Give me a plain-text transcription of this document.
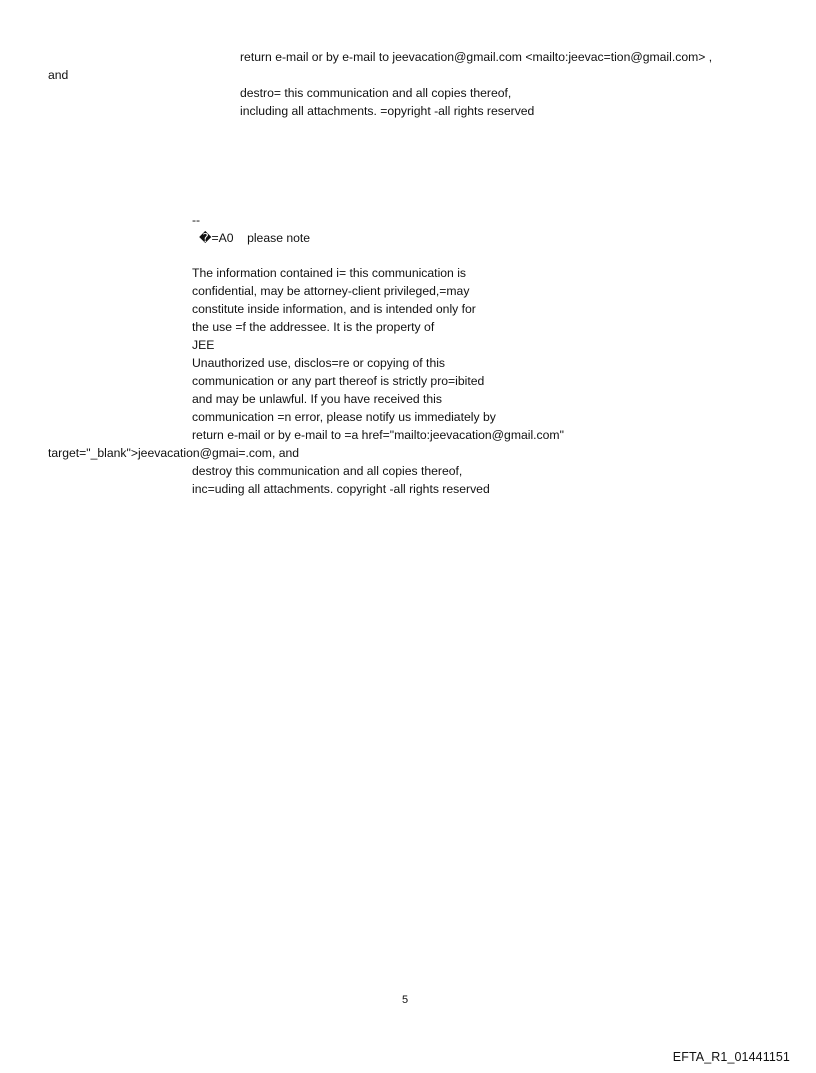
return e-mail or by e-mail to jeevacation@gmail.com <mailto:jeevac=tion@gmail.com> ,
and
destro= this communication and all copies thereof,
including all attachments. =opyright -all rights reserved
--
�=A0    please note
The information contained i= this communication is
confidential, may be attorney-client privileged,=may
constitute inside information, and is intended only for
the use =f the addressee. It is the property of
JEE
Unauthorized use, disclos=re or copying of this
communication or any part thereof is strictly pro=ibited
and may be unlawful. If you have received this
communication =n error, please notify us immediately by
return e-mail or by e-mail to =a href="mailto:jeevacation@gmail.com"
target="_blank">jeevacation@gmai=.com, and
destroy this communication and all copies thereof,
inc=uding all attachments. copyright -all rights reserved
5
EFTA_R1_01441151
